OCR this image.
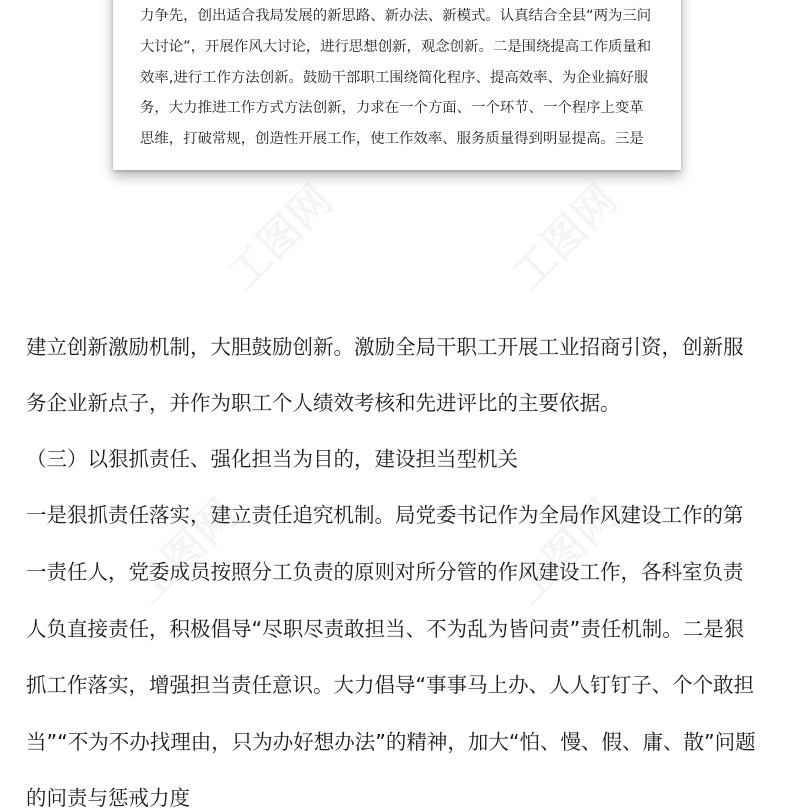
力争先，创出适合我局发展的新思路、新办法、新模式。认真结合全县“两为三问
大讨论”，开展作风大讨论，进行思想创新，观念创新。二是围绕提高工作质量和
效率,进行工作方法创新。鼓励干部职工围绕简化程序、提高效率、为企业搞好服
务，大力推进工作方式方法创新，力求在一个方面、一个环节、一个程序上变革
思维，打破常规，创造性开展工作，使工作效率、服务质量得到明显提高。三是
建立创新激励机制，大胆鼓励创新。激励全局干职工开展工业招商引资，创新服
务企业新点子，并作为职工个人绩效考核和先进评比的主要依据。
（三）以狠抓责任、强化担当为目的，建设担当型机关
一是狠抓责任落实，建立责任追究机制。局党委书记作为全局作风建设工作的第
一责任人，党委成员按照分工负责的原则对所分管的作风建设工作，各科室负责
人负直接责任，积极倡导“尽职尽责敢担当、不为乱为皆问责”责任机制。二是狠
抓工作落实，增强担当责任意识。大力倡导“事事马上办、人人钉钉子、个个敢担
当”“不为不办找理由，只为办好想办法”的精神，加大“怕、慢、假、庸、散”问题
的问责与惩戒力度
